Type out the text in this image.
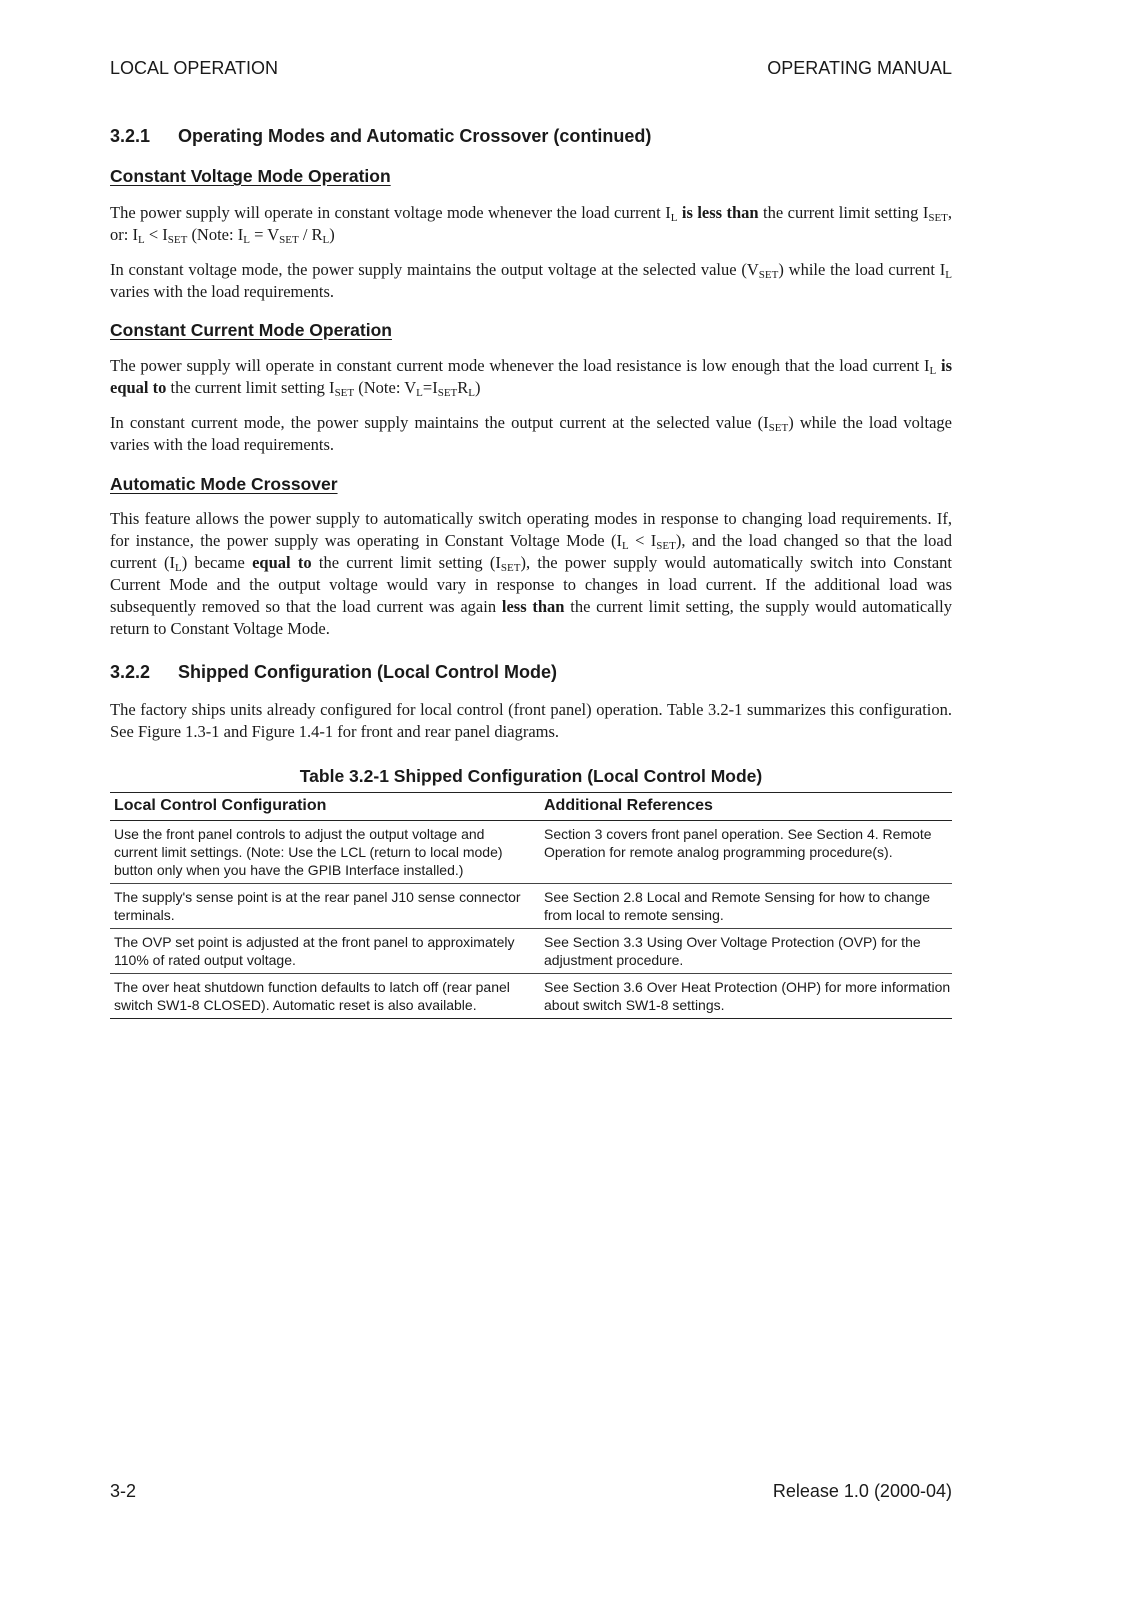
LOCAL OPERATION	OPERATING MANUAL
3.2.1	Operating Modes and Automatic Crossover (continued)
Constant Voltage Mode Operation

The power supply will operate in constant voltage mode whenever the load current $I_L$ is less than the current limit setting $I_{SET}$, or: $I_L < I_{SET}$ (Note: $I_L = V_{SET} / R_L$)

In constant voltage mode, the power supply maintains the output voltage at the selected value $(V_{SET})$ while the load current $I_L$ varies with the load requirements.

Constant Current Mode Operation

The power supply will operate in constant current mode whenever the load resistance is low enough that the load current $I_L$ is equal to the current limit setting $I_{SET}$ (Note: $V_L=I_{SET}R_L$)

In constant current mode, the power supply maintains the output current at the selected value $(I_{SET})$ while the load voltage varies with the load requirements.

Automatic Mode Crossover

This feature allows the power supply to automatically switch operating modes in response to changing load requirements. If, for instance, the power supply was operating in Constant Voltage Mode $(I_L < I_{SET})$, and the load changed so that the load current $(I_L)$ became equal to the current limit setting $(I_{SET})$, the power supply would automatically switch into Constant Current Mode and the output voltage would vary in response to changes in load current. If the additional load was subsequently removed so that the load current was again less than the current limit setting, the supply would automatically return to Constant Voltage Mode.

3.2.2	Shipped Configuration (Local Control Mode)

The factory ships units already configured for local control (front panel) operation. Table 3.2-1 summarizes this configuration. See Figure 1.3-1 and Figure 1.4-1 for front and rear panel diagrams.

Table 3.2-1 Shipped Configuration (Local Control Mode)
Local Control Configuration	Additional References
Use the front panel controls to adjust the output voltage and current limit settings. (Note: Use the LCL (return to local mode) button only when you have the GPIB Interface installed.)	Section 3 covers front panel operation. See Section 4. Remote Operation for remote analog programming procedure(s).
The supply's sense point is at the rear panel J10 sense connector terminals.	See Section 2.8 Local and Remote Sensing for how to change from local to remote sensing.
The OVP set point is adjusted at the front panel to approximately 110% of rated output voltage.	See Section 3.3 Using Over Voltage Protection (OVP) for the adjustment procedure.
The over heat shutdown function defaults to latch off (rear panel switch SW1-8 CLOSED). Automatic reset is also available.	See Section 3.6 Over Heat Protection (OHP) for more information about switch SW1-8 settings.
3-2	Release 1.0 (2000-04)
